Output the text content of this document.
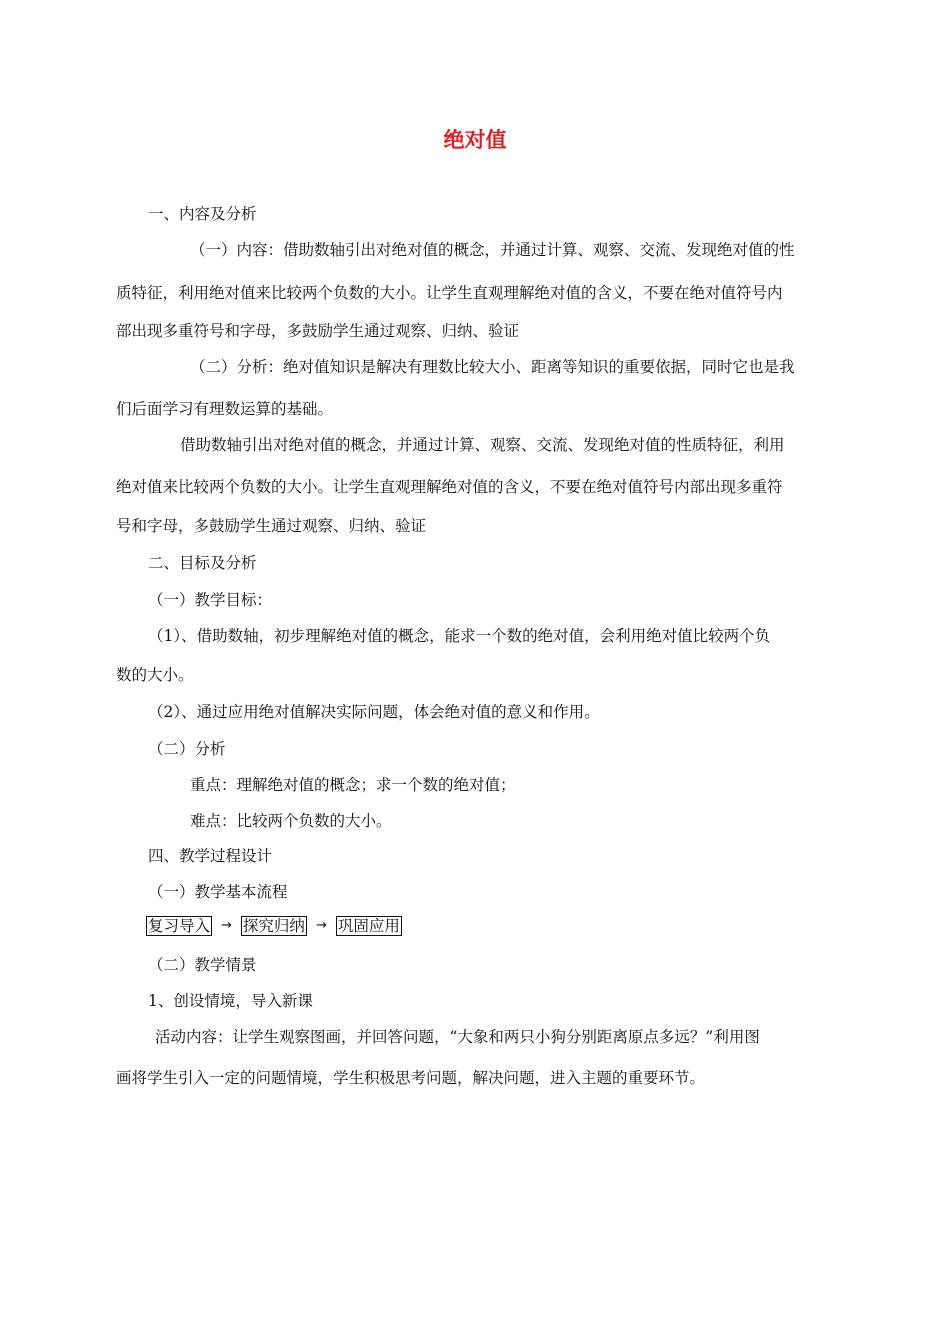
绝对值
一、内容及分析
（一）内容：借助数轴引出对绝对值的概念，并通过计算、观察、交流、发现绝对值的性
质特征，利用绝对值来比较两个负数的大小。让学生直观理解绝对值的含义，不要在绝对值符号内
部出现多重符号和字母，多鼓励学生通过观察、归纳、验证
（二）分析：绝对值知识是解决有理数比较大小、距离等知识的重要依据，同时它也是我
们后面学习有理数运算的基础。
借助数轴引出对绝对值的概念，并通过计算、观察、交流、发现绝对值的性质特征，利用
绝对值来比较两个负数的大小。让学生直观理解绝对值的含义，不要在绝对值符号内部出现多重符
号和字母，多鼓励学生通过观察、归纳、验证
二、目标及分析
（一）教学目标：
（1）、借助数轴，初步理解绝对值的概念，能求一个数的绝对值，会利用绝对值比较两个负
数的大小。
（2）、通过应用绝对值解决实际问题，体会绝对值的意义和作用。
（二）分析
重点：理解绝对值的概念；求一个数的绝对值；
难点：比较两个负数的大小。
四、教学过程设计
（一）教学基本流程
复习导入 → 探究归纳 → 巩固应用
（二）教学情景
1、创设情境，导入新课
活动内容：让学生观察图画，并回答问题，“大象和两只小狗分别距离原点多远？”利用图
画将学生引入一定的问题情境，学生积极思考问题，解决问题，进入主题的重要环节。
